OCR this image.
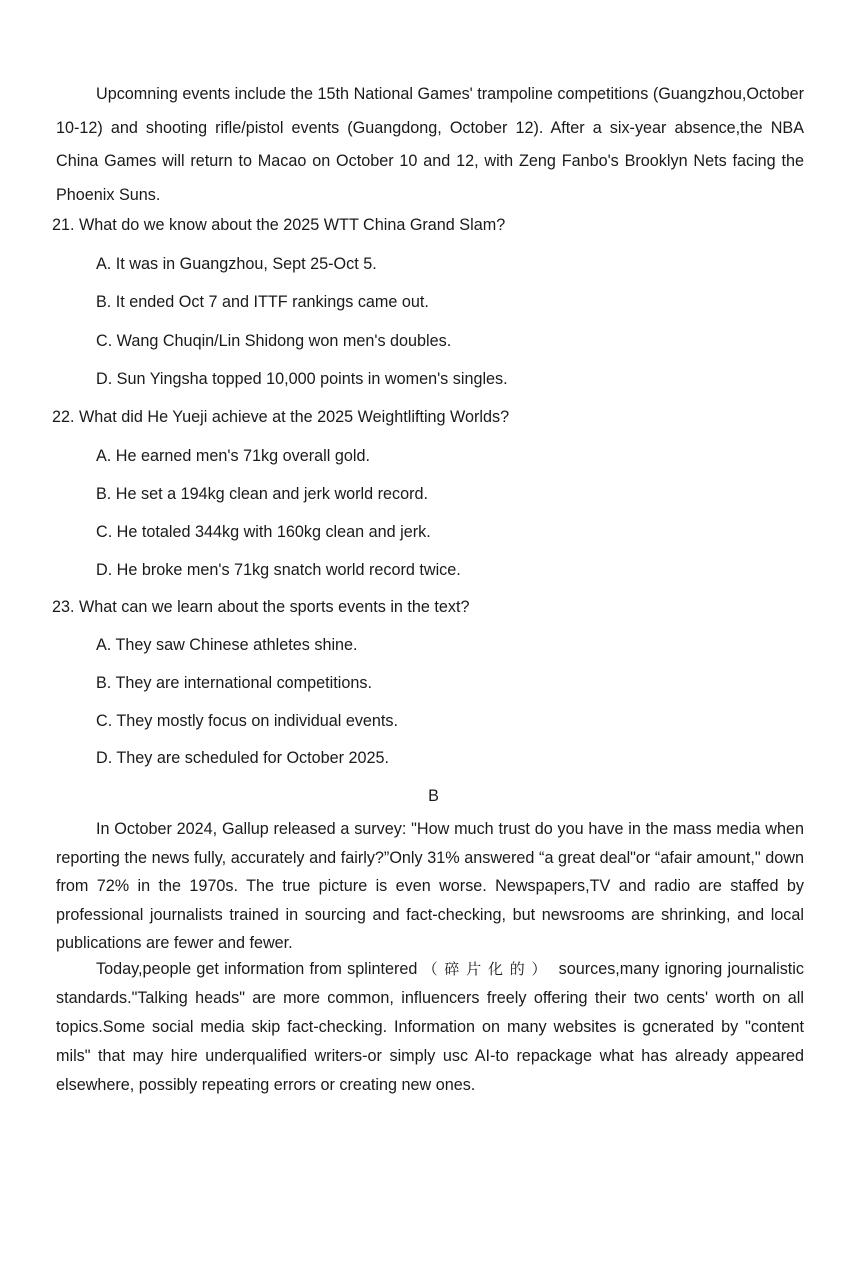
Upcomning events include the 15th National Games' trampoline competitions (Guangzhou,October 10-12) and shooting rifle/pistol events (Guangdong, October 12). After a six-year absence,the NBA China Games will return to Macao on October 10 and 12, with Zeng Fanbo's Brooklyn Nets facing the Phoenix Suns.

21. What do we know about the 2025 WTT China Grand Slam?

A. It was in Guangzhou, Sept 25-Oct 5.

B. It ended Oct 7 and ITTF rankings came out.

C. Wang Chuqin/Lin Shidong won men's doubles.

D. Sun Yingsha topped 10,000 points in women's singles.

22. What did He Yueji achieve at the 2025 Weightlifting Worlds?

A. He earned men's 71kg overall gold.

B. He set a 194kg clean and jerk world record.

C. He totaled 344kg with 160kg clean and jerk.

D. He broke men's 71kg snatch world record twice.

23. What can we learn about the sports events in the text?

A. They saw Chinese athletes shine.

B. They are international competitions.

C. They mostly focus on individual events.

D. They are scheduled for October 2025.

B

In October 2024, Gallup released a survey: "How much trust do you have in the mass media when reporting the news fully, accurately and fairly?”Only 31% answered “a great deal"or “afair amount," down from 72% in the 1970s. The true picture is even worse. Newspapers,TV and radio are staffed by professional journalists trained in sourcing and fact-checking, but newsrooms are shrinking, and local publications are fewer and fewer.

Today,people get information from splintered （碎片化的） sources,many ignoring journalistic standards."Talking heads" are more common, influencers freely offering their two cents' worth on all topics.Some social media skip fact-checking. Information on many websites is gcnerated by "content mils" that may hire underqualified writers-or simply usc AI-to repackage what has already appeared elsewhere, possibly repeating errors or creating new ones.
